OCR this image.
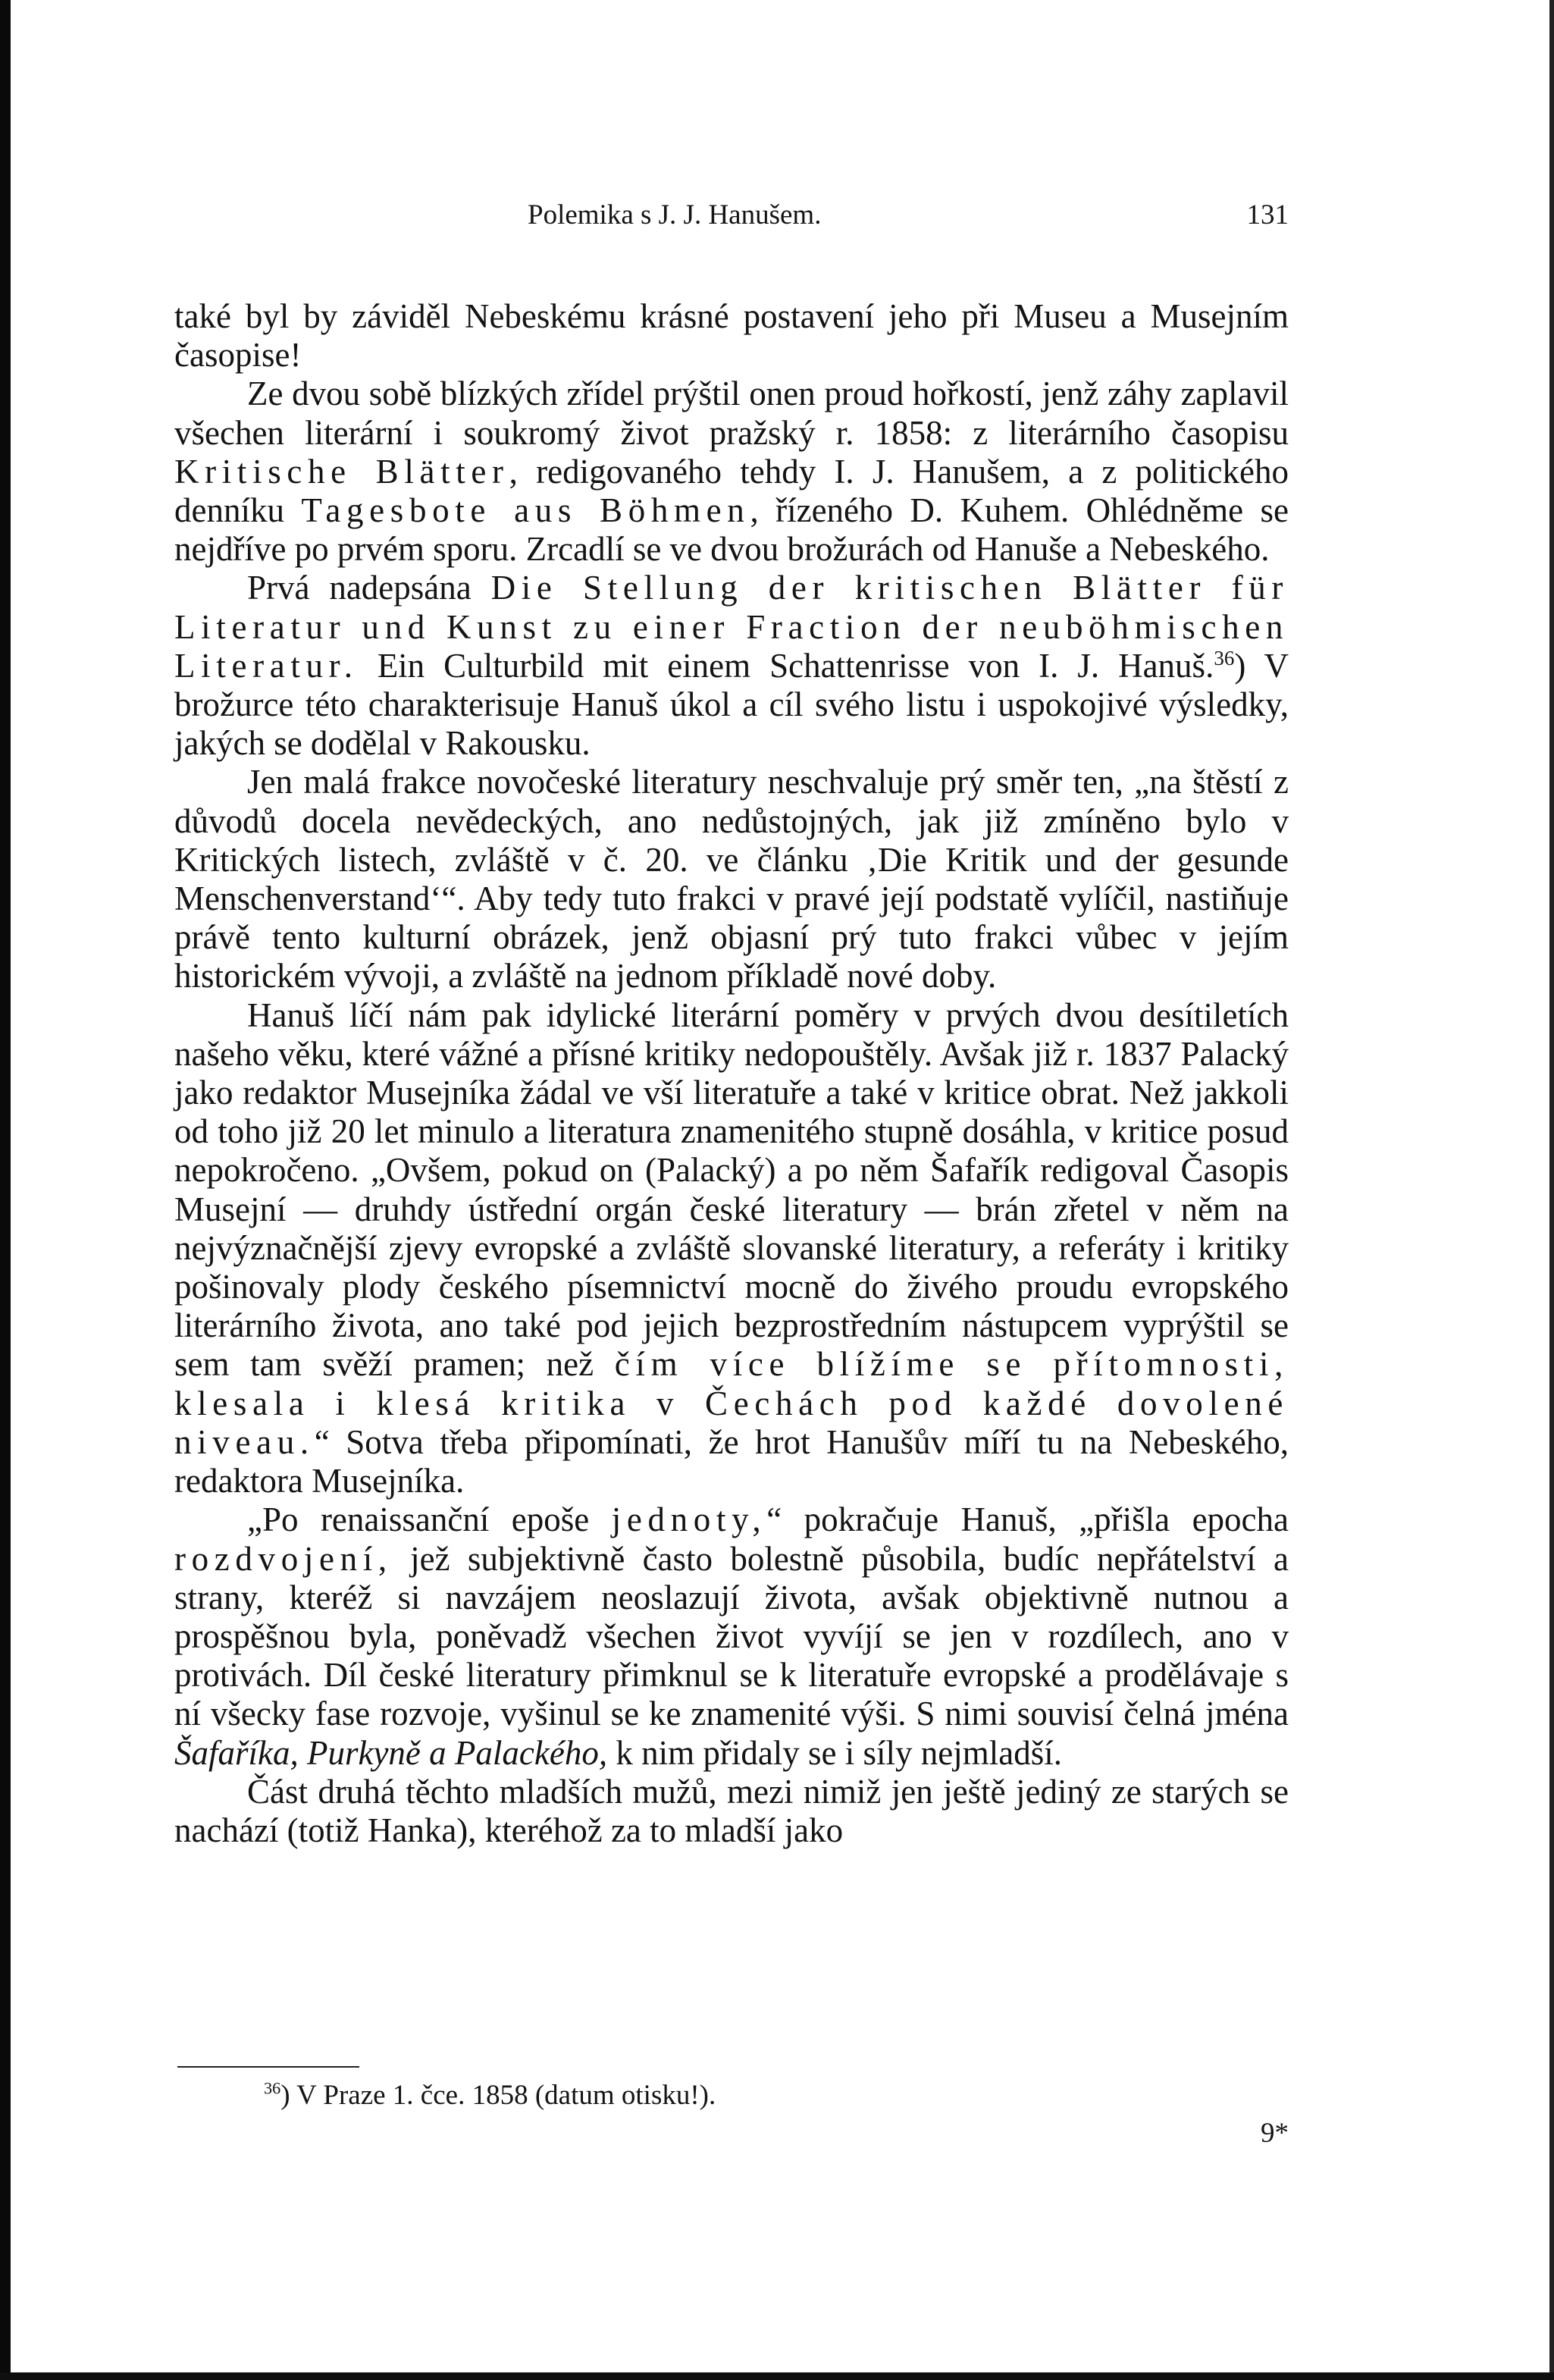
Polemika s J. J. Hanušem.	131

také byl by záviděl Nebeskému krásné postavení jeho při Museu a Musejním časopise!

Ze dvou sobě blízkých zřídel prýštil onen proud hořkostí, jenž záhy zaplavil všechen literární i soukromý život pražský r. 1858: z literárního časopisu Kritische Blätter, redigovaného tehdy I. J. Hanušem, a z politického denníku Tagesbote aus Böhmen, řízeného D. Kuhem. Ohlédněme se nejdříve po prvém sporu. Zrcadlí se ve dvou brožurách od Hanuše a Nebeského.

Prvá nadepsána Die Stellung der kritischen Blätter für Literatur und Kunst zu einer Fraction der neuböhmischen Literatur. Ein Culturbild mit einem Schattenrisse von I. J. Hanuš.$^{36}$) V brožurce této charakterisuje Hanuš úkol a cíl svého listu i uspokojivé výsledky, jakých se dodělal v Rakousku.

Jen malá frakce novočeské literatury neschvaluje prý směr ten, „na štěstí z důvodů docela nevědeckých, ano nedůstojných, jak již zmíněno bylo v Kritických listech, zvláště v č. 20. ve článku ‚Die Kritik und der gesunde Menschenverstand‘“. Aby tedy tuto frakci v pravé její podstatě vylíčil, nastiňuje právě tento kulturní obrázek, jenž objasní prý tuto frakci vůbec v jejím historickém vývoji, a zvláště na jednom příkladě nové doby.

Hanuš líčí nám pak idylické literární poměry v prvých dvou desítiletích našeho věku, které vážné a přísné kritiky nedopouštěly. Avšak již r. 1837 Palacký jako redaktor Musejníka žádal ve vší literatuře a také v kritice obrat. Než jakkoli od toho již 20 let minulo a literatura znamenitého stupně dosáhla, v kritice posud nepokročeno. „Ovšem, pokud on (Palacký) a po něm Šafařík redigoval Časopis Musejní — druhdy ústřední orgán české literatury — brán zřetel v něm na nejvýznačnější zjevy evropské a zvláště slovanské literatury, a referáty i kritiky pošinovaly plody českého písemnictví mocně do živého proudu evropského literárního života, ano také pod jejich bezprostředním nástupcem vyprýštil se sem tam svěží pramen; než čím více blížíme se přítomnosti, klesala i klesá kritika v Čechách pod každé dovolené niveau.“ Sotva třeba připomínati, že hrot Hanušův míří tu na Nebeského, redaktora Musejníka.

„Po renaissanční epoše jednoty,“ pokračuje Hanuš, „přišla epocha rozdvojení, jež subjektivně často bolestně působila, budíc nepřátelství a strany, kteréž si navzájem neoslazují života, avšak objektivně nutnou a prospěšnou byla, poněvadž všechen život vyvíjí se jen v rozdílech, ano v protivách. Díl české literatury přimknul se k literatuře evropské a prodělávaje s ní všecky fase rozvoje, vyšinul se ke znamenité výši. S nimi souvisí čelná jména Šafaříka, Purkyně a Palackého, k nim přidaly se i síly nejmladší.

Část druhá těchto mladších mužů, mezi nimiž jen ještě jediný ze starých se nachází (totiž Hanka), kteréhož za to mladší jako

$^{36}$) V Praze 1. čce. 1858 (datum otisku!).
9*
